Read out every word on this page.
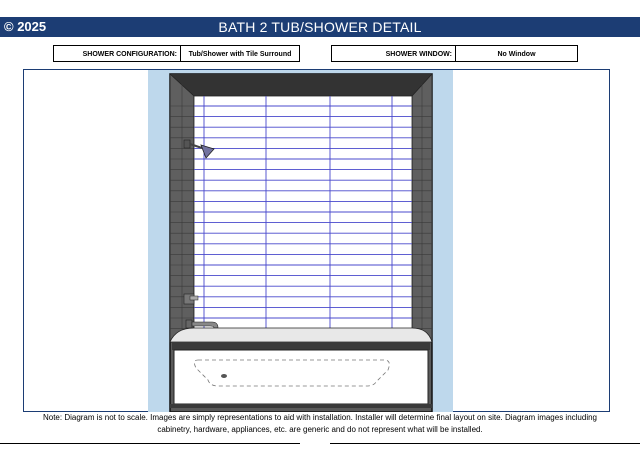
© 2025	BATH 2 TUB/SHOWER DETAIL
SHOWER CONFIGURATION:	Tub/Shower with Tile Surround	SHOWER WINDOW:	No Window
Note: Diagram is not to scale. Images are simply representations to aid with installation. Installer will determine final layout on site. Diagram images including cabinetry, hardware, appliances, etc. are generic and do not represent what will be installed.
